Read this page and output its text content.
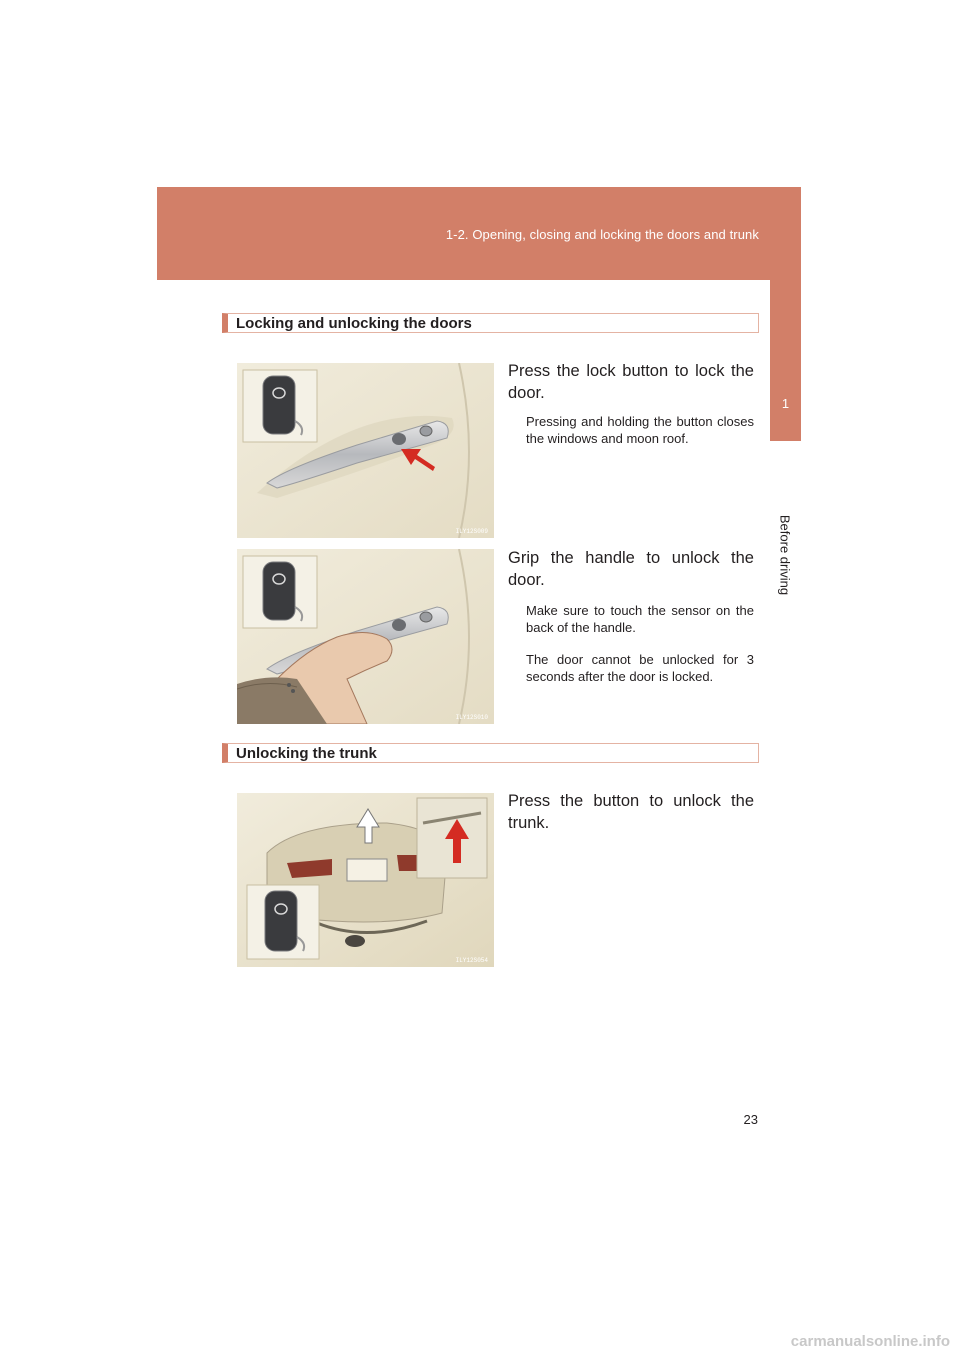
1-2. Opening, closing and locking the doors and trunk
1
Before driving
Locking and unlocking the doors
ILY12S009
Press the lock button to lock the door.
Pressing and holding the button closes the windows and moon roof.
ILY12S010
Grip the handle to unlock the door.
Make sure to touch the sensor on the back of the handle.
The door cannot be unlocked for 3 seconds after the door is locked.
Unlocking the trunk
ILY12S054
Press the button to unlock the trunk.
23
carmanualsonline.info
